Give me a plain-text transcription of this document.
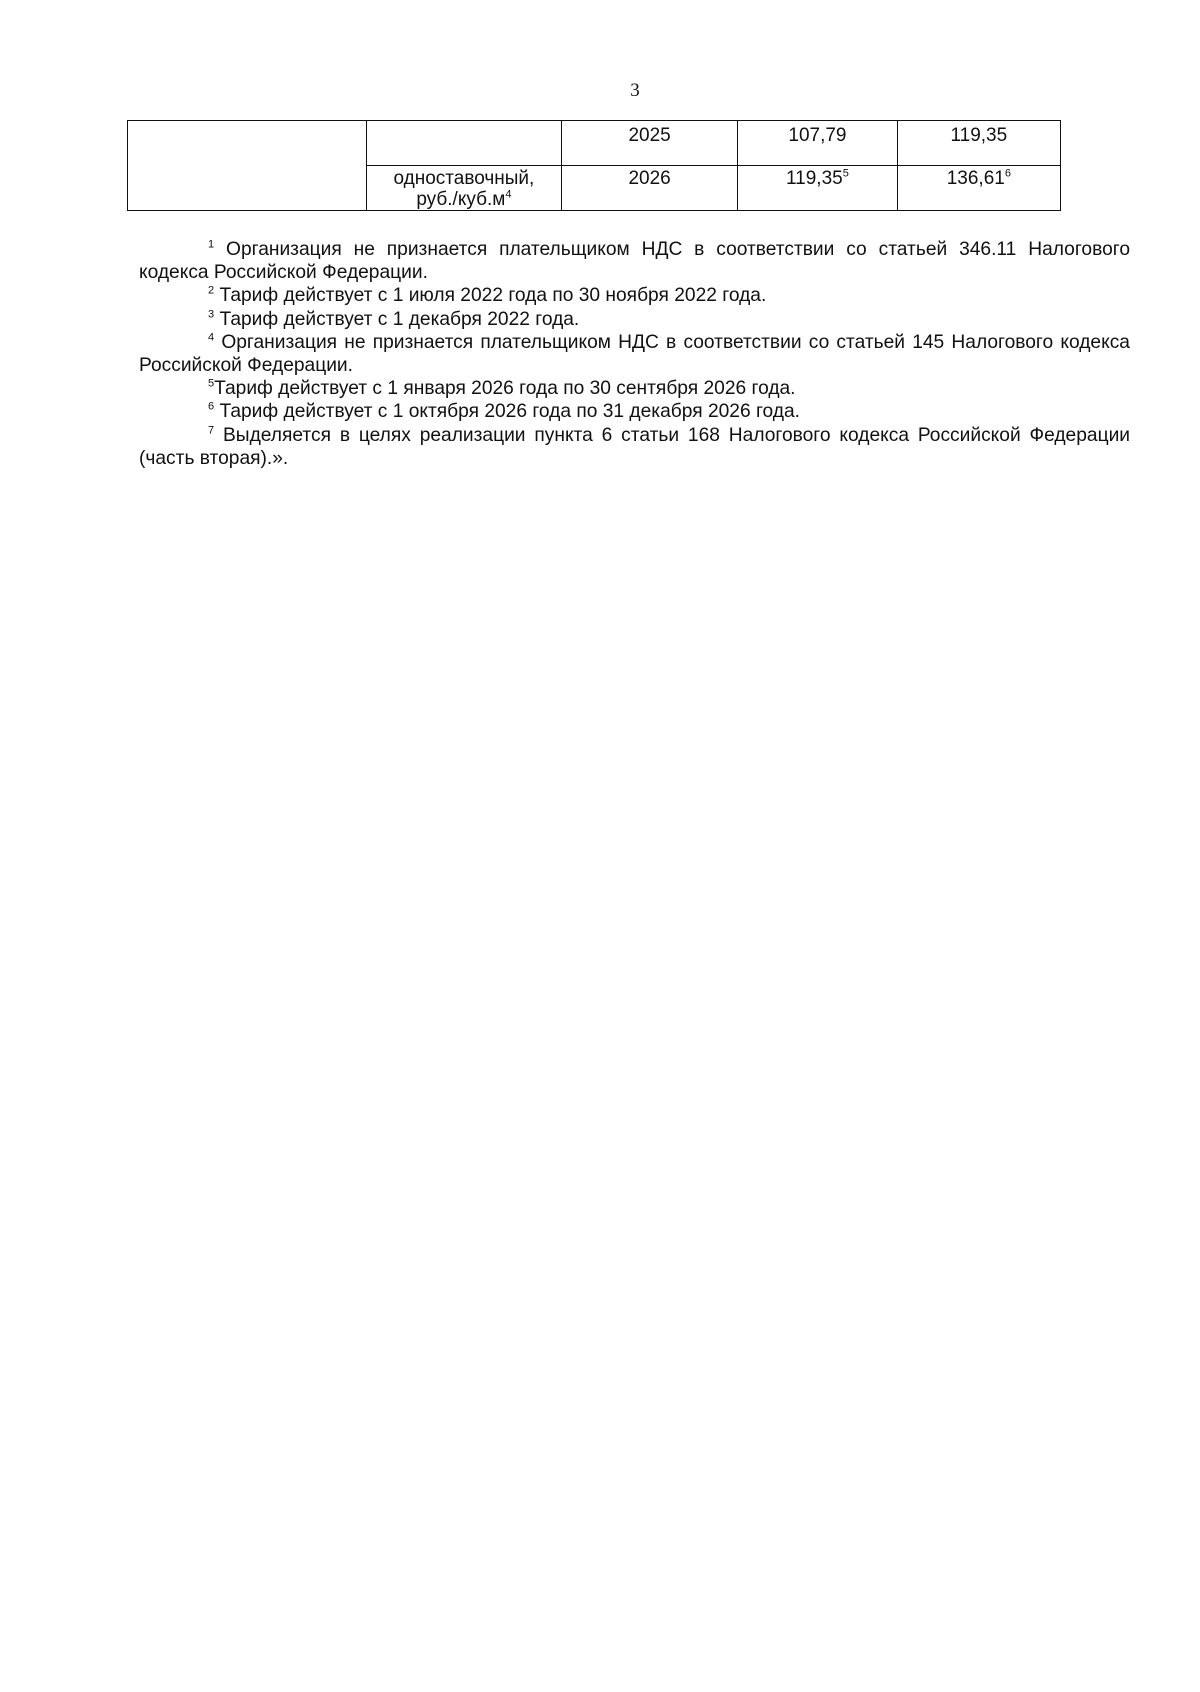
3
		2025	107,79	119,35
	одноставочный, $руб./куб.м^4$	2026	119,35$^5$	136,61$^6$

$^1$ Организация не признается плательщиком НДС в соответствии со статьей 346.11 Налогового кодекса Российской Федерации.

$^2$ Тариф действует с 1 июля 2022 года по 30 ноября 2022 года.

$^3$ Тариф действует с 1 декабря 2022 года.

$^4$ Организация не признается плательщиком НДС в соответствии со статьей 145 Налогового кодекса Российской Федерации.

$^5$Тариф действует с 1 января 2026 года по 30 сентября 2026 года.

$^6$ Тариф действует с 1 октября 2026 года по 31 декабря 2026 года.

$^7$ Выделяется в целях реализации пункта 6 статьи 168 Налогового кодекса Российской Федерации (часть вторая).».
